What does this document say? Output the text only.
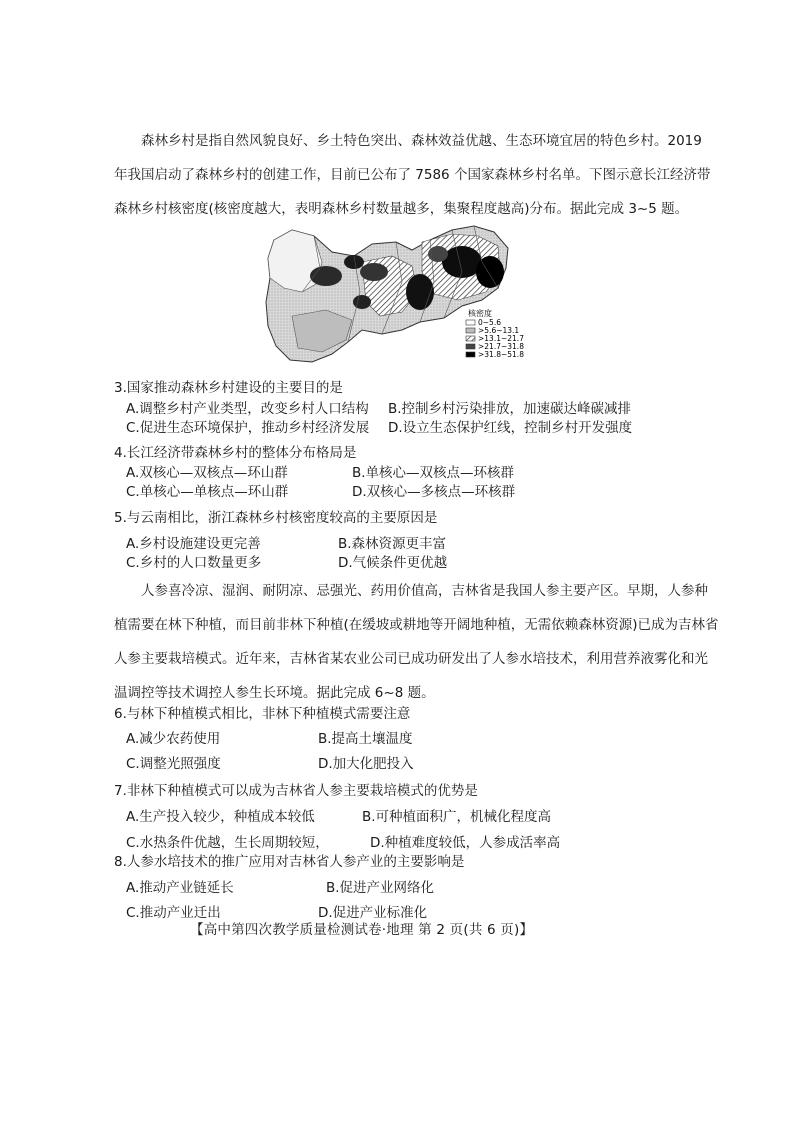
森林乡村是指自然风貌良好、乡土特色突出、森林效益优越、生态环境宜居的特色乡村。2019
年我国启动了森林乡村的创建工作，目前已公布了 7586 个国家森林乡村名单。下图示意长江经济带
森林乡村核密度(核密度越大，表明森林乡村数量越多，集聚程度越高)分布。据此完成 3~5 题。
核密度
0~5.6
>5.6~13.1
>13.1~21.7
>21.7~31.8
>31.8~51.8
3.国家推动森林乡村建设的主要目的是
A.调整乡村产业类型，改变乡村人口结构 B.控制乡村污染排放，加速碳达峰碳减排
C.促进生态环境保护，推动乡村经济发展 D.设立生态保护红线，控制乡村开发强度
4.长江经济带森林乡村的整体分布格局是
A.双核心—双核点—环山群	B.单核心—双核点—环核群
C.单核心—单核点—环山群	D.双核心—多核点—环核群
5.与云南相比，浙江森林乡村核密度较高的主要原因是
A.乡村设施建设更完善	B.森林资源更丰富
C.乡村的人口数量更多	D.气候条件更优越
人参喜冷凉、湿润、耐阴凉、忌强光、药用价值高，吉林省是我国人参主要产区。早期，人参种
植需要在林下种植，而目前非林下种植(在缓坡或耕地等开阔地种植，无需依赖森林资源)已成为吉林省
人参主要栽培模式。近年来，吉林省某农业公司已成功研发出了人参水培技术，利用营养液雾化和光
温调控等技术调控人参生长环境。据此完成 6~8 题。
6.与林下种植模式相比，非林下种植模式需要注意
A.减少农药使用	B.提高土壤温度
C.调整光照强度	D.加大化肥投入
7.非林下种植模式可以成为吉林省人参主要栽培模式的优势是
A.生产投入较少，种植成本较低	B.可种植面积广，机械化程度高
C.水热条件优越，生长周期较短，	D.种植难度较低，人参成活率高
8.人参水培技术的推广应用对吉林省人参产业的主要影响是
A.推动产业链延长	B.促进产业网络化
C.推动产业迁出	D.促进产业标准化
【高中第四次教学质量检测试卷·地理 第 2 页(共 6 页)】
